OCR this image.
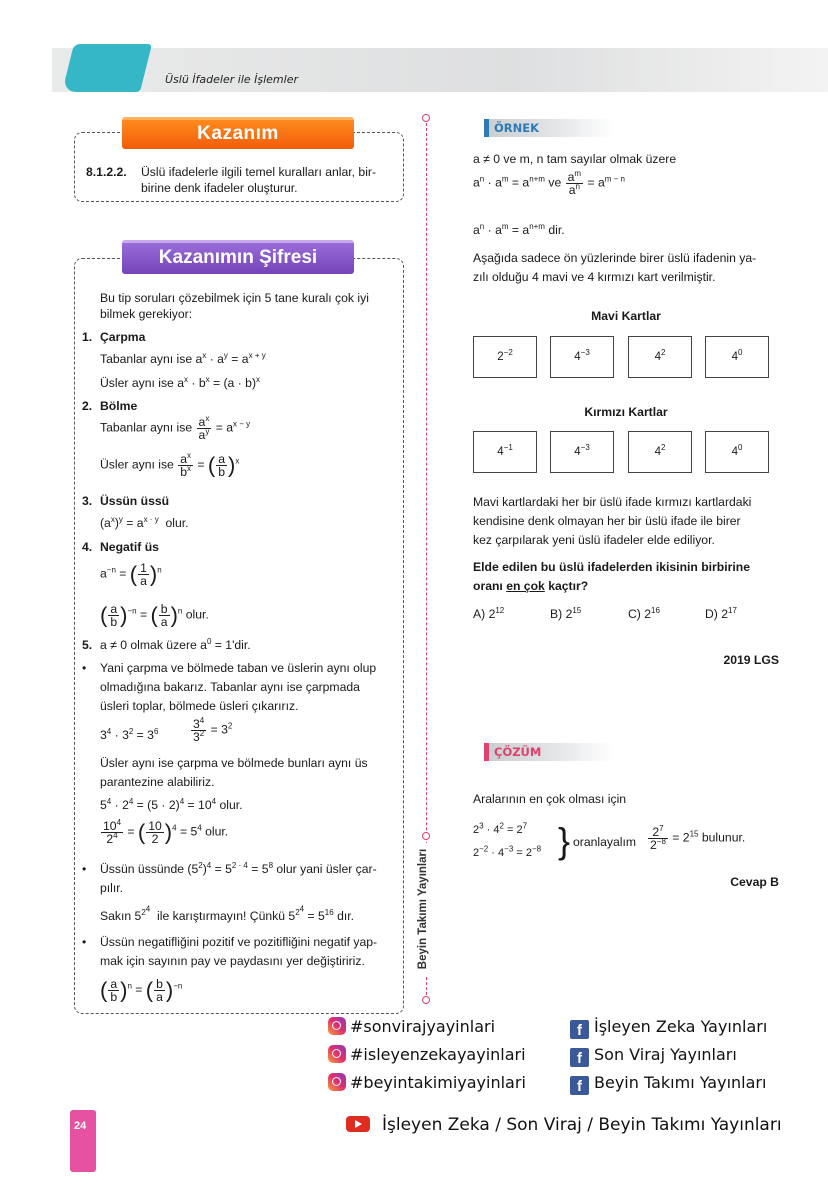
Üslü İfadeler ile İşlemler
Kazanım
8.1.2.2. Üslü ifadelerle ilgili temel kuralları anlar, bir-
birine denk ifadeler oluşturur.
Kazanımın Şifresi
Bu tip soruları çözebilmek için 5 tane kuralı çok iyi
bilmek gerekiyor:
1. Çarpma
Tabanlar aynı ise $a^x \cdot a^y = a^{x + y}$
Üsler aynı ise $a^x \cdot b^x = (a \cdot b)^x$
2. Bölme
Tabanlar aynı ise $\frac{a^x}{a^y} = a^{x - y}$
Üsler aynı ise $\frac{a^x}{b^x}$ = ( $\frac{a}{b} )^x$
3. Üssün üssü
$(a^x)^y = a^{x \cdot y}$ olur.
4. Negatif üs
$a^{-n}$ = ( $\frac{1}{a} )^n$
( $\frac{a}{b} )^{-n}$ = ( $\frac{b}{a} )^n$ olur.
5. a ≠ 0 olmak üzere $a^0 = 1'dir$.
• Yani çarpma ve bölmede taban ve üslerin aynı olup
olmadığına bakarız. Tabanlar aynı ise çarpmada
üsleri toplar, bölmede üsleri çıkarırız.
$3^4 \cdot 3^2 = 3^6$	$\frac{3^4}{3^2} = 3^2$
Üsler aynı ise çarpma ve bölmede bunları aynı üs
parantezine alabiliriz.
$5^4 \cdot 2^4 = (5 \cdot 2)^4 = 10^4$ olur.
$\frac{10^4}{2^4}$ = ( $\frac{10}{2} )^4 = 5^4$ olur.
• Üssün üssünde $(5^2)^4 = 5^{2 \cdot 4} = 5^8$ olur yani üsler çar-
pılır.
Sakın $5^{2^4}$  ile karıştırmayın! Çünkü $5^{2^4} = 5^{16}$ dır.
• Üssün negatifliğini pozitif ve pozitifliğini negatif yap-
mak için sayının pay ve paydasını yer değiştiririz.
( $\frac{a}{b} )^n$ = ( $\frac{b}{a} )^{-n}$
Beyin Takımı Yayınları
ÖRNEK
a ≠ 0 ve m, n tam sayılar olmak üzere
$a^n \cdot a^m = a^{n+m}$ ve $\frac{a^m}{a^n} = a^{m - n}$
$a^n \cdot a^m = a^{n+m}$ dir.
Aşağıda sadece ön yüzlerinde birer üslü ifadenin ya-
zılı olduğu 4 mavi ve 4 kırmızı kart verilmiştir.
Mavi Kartlar
$2^{-2}$	$4^{-3}$	$4^2$	$4^0$
Kırmızı Kartlar
$4^{-1}$	$4^{-3}$	$4^2$	$4^0$
Mavi kartlardaki her bir üslü ifade kırmızı kartlardaki
kendisine denk olmayan her bir üslü ifade ile birer
kez çarpılarak yeni üslü ifadeler elde ediliyor.
Elde edilen bu üslü ifadelerden ikisinin birbirine
oranı en çok kaçtır?
A) $2^{12}$	B) $2^{15}$	C) $2^{16}$	D) $2^{17}$
2019 LGS
ÇÖZÜM
Aralarının en çok olması için
$2^3 \cdot 4^2 = 2^7$
$2^{-2} \cdot 4^{-3} = 2^{-8}$ } oranlayalım $\frac{2^7}{2^{-8}} = 2^{15}$ bulunur.
Cevap B
#sonvirajyayinlari
#isleyenzekayayinlari
#beyintakimiyayinlari
f İşleyen Zeka Yayınları
f Son Viraj Yayınları
f Beyin Takımı Yayınları
İşleyen Zeka / Son Viraj / Beyin Takımı Yayınları
24
